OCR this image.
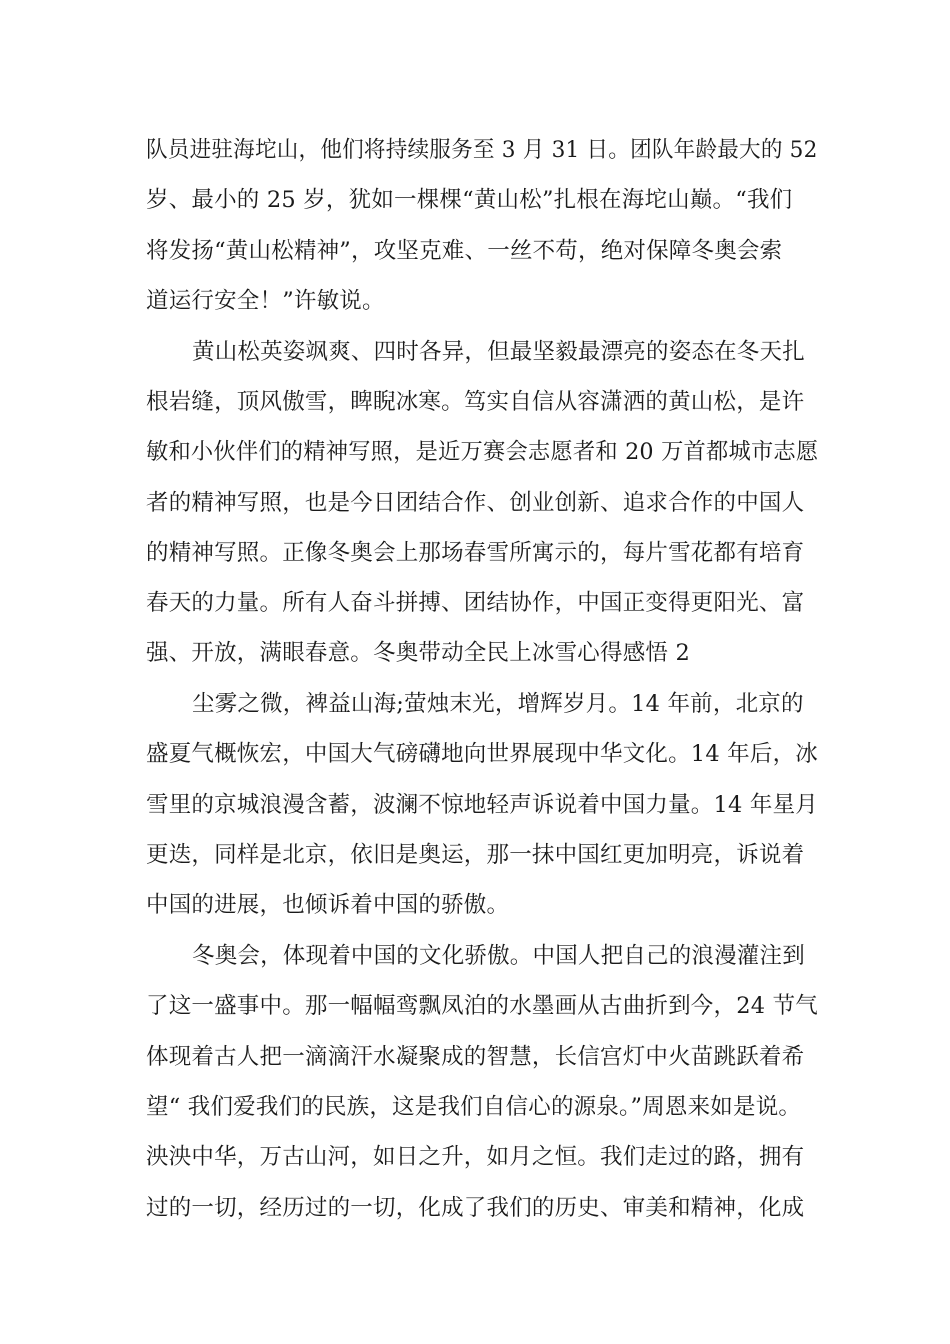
队员进驻海坨山，他们将持续服务至 3 月 31 日。团队年龄最大的 52
岁、最小的 25 岁，犹如一棵棵“黄山松”扎根在海坨山巅。“我们
将发扬“黄山松精神”，攻坚克难、一丝不苟，绝对保障冬奥会索
道运行安全！”许敏说。
黄山松英姿飒爽、四时各异，但最坚毅最漂亮的姿态在冬天扎
根岩缝，顶风傲雪，睥睨冰寒。笃实自信从容潇洒的黄山松，是许
敏和小伙伴们的精神写照，是近万赛会志愿者和 20 万首都城市志愿
者的精神写照，也是今日团结合作、创业创新、追求合作的中国人
的精神写照。正像冬奥会上那场春雪所寓示的，每片雪花都有培育
春天的力量。所有人奋斗拼搏、团结协作，中国正变得更阳光、富
强、开放，满眼春意。冬奥带动全民上冰雪心得感悟 2
尘雾之微，裨益山海;萤烛末光，增辉岁月。14 年前，北京的
盛夏气概恢宏，中国大气磅礴地向世界展现中华文化。14 年后，冰
雪里的京城浪漫含蓄，波澜不惊地轻声诉说着中国力量。14 年星月
更迭，同样是北京，依旧是奥运，那一抹中国红更加明亮，诉说着
中国的进展，也倾诉着中国的骄傲。
冬奥会，体现着中国的文化骄傲。中国人把自己的浪漫灌注到
了这一盛事中。那一幅幅鸾飘凤泊的水墨画从古曲折到今，24 节气
体现着古人把一滴滴汗水凝聚成的智慧，长信宫灯中火苗跳跃着希
望“ 我们爱我们的民族，这是我们自信心的源泉。”周恩来如是说。
泱泱中华，万古山河，如日之升，如月之恒。我们走过的路，拥有
过的一切，经历过的一切，化成了我们的历史、审美和精神，化成
